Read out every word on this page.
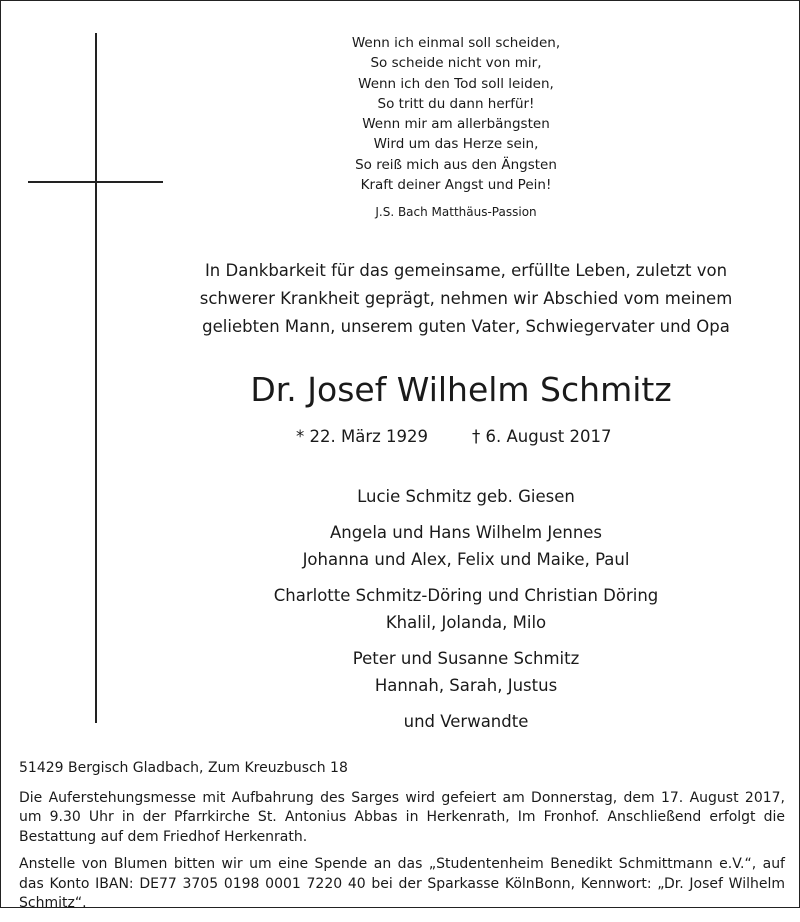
Wenn ich einmal soll scheiden,
So scheide nicht von mir,
Wenn ich den Tod soll leiden,
So tritt du dann herfür!
Wenn mir am allerbängsten
Wird um das Herze sein,
So reiß mich aus den Ängsten
Kraft deiner Angst und Pein!
J.S. Bach Matthäus-Passion
In Dankbarkeit für das gemeinsame, erfüllte Leben, zuletzt von
schwerer Krankheit geprägt, nehmen wir Abschied vom meinem
geliebten Mann, unserem guten Vater, Schwiegervater und Opa
Dr. Josef Wilhelm Schmitz
* 22. März 1929	† 6. August 2017
Lucie Schmitz geb. Giesen
Angela und Hans Wilhelm Jennes
Johanna und Alex, Felix und Maike, Paul
Charlotte Schmitz-Döring und Christian Döring
Khalil, Jolanda, Milo
Peter und Susanne Schmitz
Hannah, Sarah, Justus
und Verwandte
51429 Bergisch Gladbach, Zum Kreuzbusch 18
Die Auferstehungsmesse mit Aufbahrung des Sarges wird gefeiert am Donnerstag, dem 17. August 2017, um 9.30 Uhr in der Pfarrkirche St. Antonius Abbas in Herkenrath, Im Fronhof. Anschließend erfolgt die Bestattung auf dem Friedhof Herkenrath.
Anstelle von Blumen bitten wir um eine Spende an das „Studentenheim Benedikt Schmittmann e.V.“, auf das Konto IBAN: DE77 3705 0198 0001 7220 40 bei der Sparkasse KölnBonn, Kennwort: „Dr. Josef Wilhelm Schmitz“.
